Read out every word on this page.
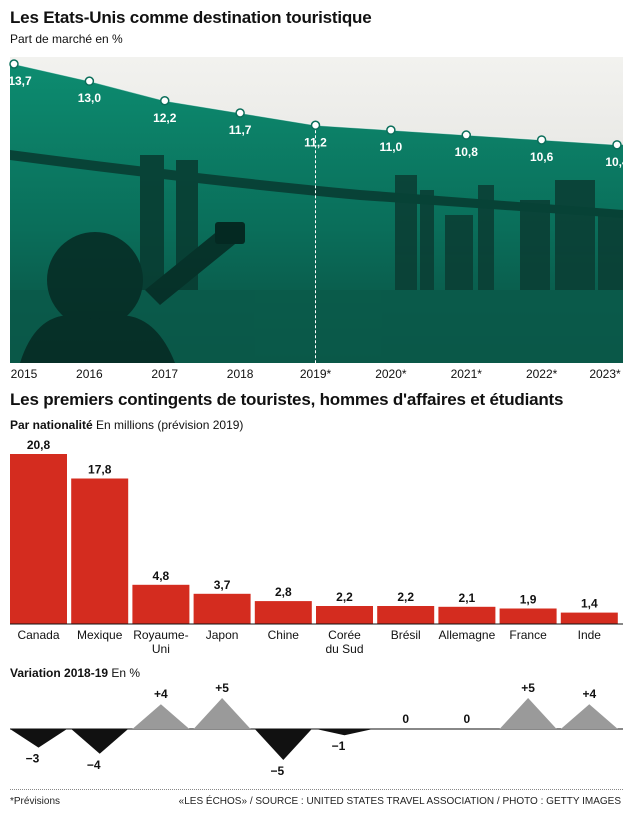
Les Etats-Unis comme destination touristique
Part de marché en %
13,7
13,0
12,2
11,7
11,2	11,0	10,8	10,6	10,4
2015	2016	2017	2018	2019*	2020*	2021*	2022*	2023*
20,8
Canada
17,8
Mexique
4,8
Royaume-
Uni
3,7
Japon
2,8
Chine
2,2
Corée
du Sud
2,2
Brésil
2,1
Allemagne
1,9
France
1,4
Inde
−3	−4
+4	+5
−5
−1
0	0
+5	+4
Les premiers contingents de touristes, hommes d'affaires et étudiants
Par nationalité En millions (prévision 2019)
Variation 2018-19 En %
*Prévisions	«LES ÉCHOS» / SOURCE : UNITED STATES TRAVEL ASSOCIATION / PHOTO : GETTY IMAGES
